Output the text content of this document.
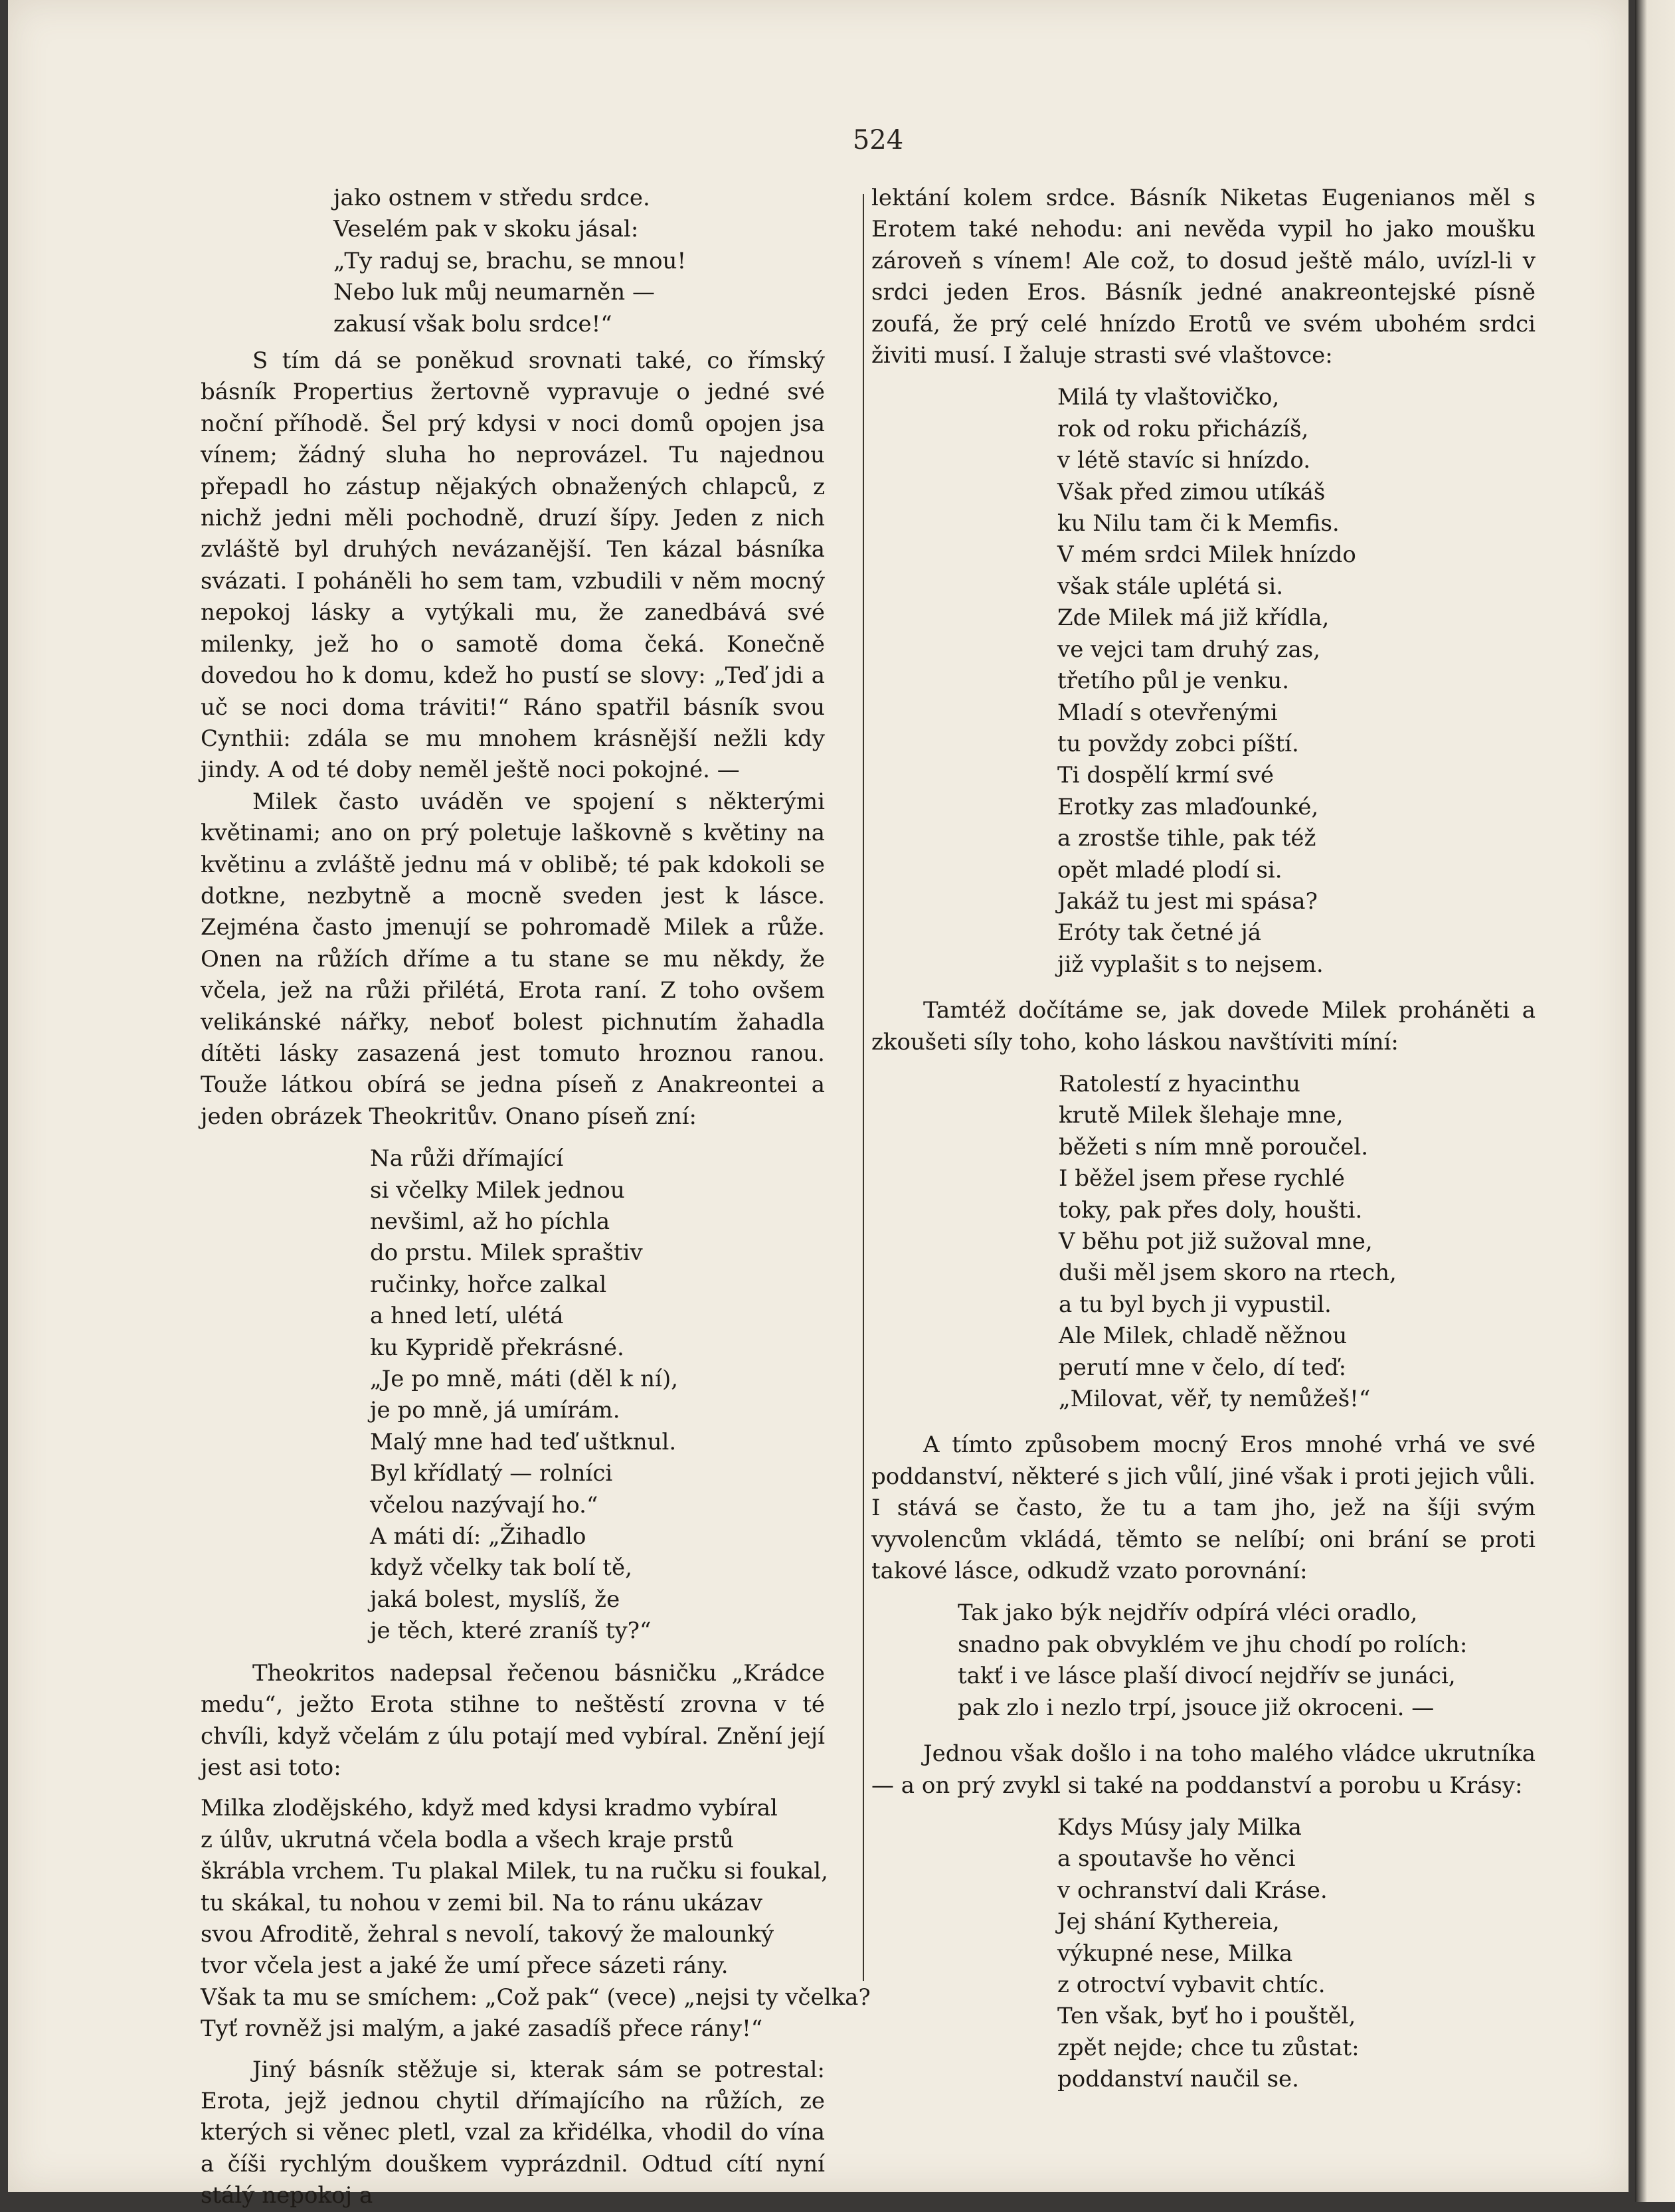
524
jako ostnem v středu srdce.
Veselém pak v skoku jásal:
„Ty raduj se, brachu, se mnou!
Nebo luk můj neumarněn —
zakusí však bolu srdce!“

S tím dá se poněkud srovnati také, co římský básník Propertius žertovně vypravuje o jedné své noční příhodě. Šel prý kdysi v noci domů opojen jsa vínem; žádný sluha ho neprovázel. Tu najednou přepadl ho zástup nějakých obnažených chlapců, z nichž jedni měli pochodně, druzí šípy. Jeden z nich zvláště byl druhých nevázanější. Ten kázal básníka svázati. I poháněli ho sem tam, vzbudili v něm mocný nepokoj lásky a vytýkali mu, že zanedbává své milenky, jež ho o samotě doma čeká. Konečně dovedou ho k domu, kdež ho pustí se slovy: „Teď jdi a uč se noci doma tráviti!“ Ráno spatřil básník svou Cynthii: zdála se mu mnohem krásnější nežli kdy jindy. A od té doby neměl ještě noci pokojné. —

Milek často uváděn ve spojení s některými květinami; ano on prý poletuje laškovně s květiny na květinu a zvláště jednu má v oblibě; té pak kdokoli se dotkne, nezbytně a mocně sveden jest k lásce. Zejména často jmenují se pohromadě Milek a růže. Onen na růžích dříme a tu stane se mu někdy, že včela, jež na růži přilétá, Erota raní. Z toho ovšem velikánské nářky, neboť bolest pichnutím žahadla dítěti lásky zasazená jest tomuto hroznou ranou. Touže látkou obírá se jedna píseň z Anakreontei a jeden obrázek Theokritův. Onano píseň zní:

Na růži dřímající
si včelky Milek jednou
nevšiml, až ho píchla
do prstu. Milek spraštiv
ručinky, hořce zalkal
a hned letí, ulétá
ku Kypridě překrásné.
„Je po mně, máti (děl k ní),
je po mně, já umírám.
Malý mne had teď uštknul.
Byl křídlatý — rolníci
včelou nazývají ho.“
A máti dí: „Žihadlo
když včelky tak bolí tě,
jaká bolest, myslíš, že
je těch, které zraníš ty?“

Theokritos nadepsal řečenou básničku „Krádce medu“, ježto Erota stihne to neštěstí zrovna v té chvíli, když včelám z úlu potají med vybíral. Znění její jest asi toto:

Milka zlodějského, když med kdysi kradmo vybíral
z úlův, ukrutná včela bodla a všech kraje prstů
škrábla vrchem. Tu plakal Milek, tu na ručku si foukal,
tu skákal, tu nohou v zemi bil. Na to ránu ukázav
svou Afroditě, žehral s nevolí, takový že malounký
tvor včela jest a jaké že umí přece sázeti rány.
Však ta mu se smíchem: „Což pak“ (vece) „nejsi ty včelka?
Tyť rovněž jsi malým, a jaké zasadíš přece rány!“

Jiný básník stěžuje si, kterak sám se potrestal: Erota, jejž jednou chytil dřímajícího na růžích, ze kterých si věnec pletl, vzal za křidélka, vhodil do vína a číši rychlým douškem vyprázdnil. Odtud cítí nyní stálý nepokoj a

lektání kolem srdce. Básník Niketas Eugenianos měl s Erotem také nehodu: ani nevěda vypil ho jako moušku zároveň s vínem! Ale což, to dosud ještě málo, uvízl-li v srdci jeden Eros. Básník jedné anakreontejské písně zoufá, že prý celé hnízdo Erotů ve svém ubohém srdci živiti musí. I žaluje strasti své vlaštovce:

Milá ty vlaštovičko,
rok od roku přicházíš,
v létě stavíc si hnízdo.
Však před zimou utíkáš
ku Nilu tam či k Memfis.
V mém srdci Milek hnízdo
však stále uplétá si.
Zde Milek má již křídla,
ve vejci tam druhý zas,
třetího půl je venku.
Mladí s otevřenými
tu povždy zobci píští.
Ti dospělí krmí své
Erotky zas mlaďounké,
a zrostše tihle, pak též
opět mladé plodí si.
Jakáž tu jest mi spása?
Eróty tak četné já
již vyplašit s to nejsem.

Tamtéž dočítáme se, jak dovede Milek proháněti a zkoušeti síly toho, koho láskou navštíviti míní:

Ratolestí z hyacinthu
krutě Milek šlehaje mne,
běžeti s ním mně poroučel.
I běžel jsem přese rychlé
toky, pak přes doly, houšti.
V běhu pot již sužoval mne,
duši měl jsem skoro na rtech,
a tu byl bych ji vypustil.
Ale Milek, chladě něžnou
perutí mne v čelo, dí teď:
„Milovat, věř, ty nemůžeš!“

A tímto způsobem mocný Eros mnohé vrhá ve své poddanství, některé s jich vůlí, jiné však i proti jejich vůli. I stává se často, že tu a tam jho, jež na šíji svým vyvolencům vkládá, těmto se nelíbí; oni brání se proti takové lásce, odkudž vzato porovnání:

Tak jako býk nejdřív odpírá vléci oradlo,
snadno pak obvyklém ve jhu chodí po rolích:
takť i ve lásce plaší divocí nejdřív se junáci,
pak zlo i nezlo trpí, jsouce již okroceni. —

Jednou však došlo i na toho malého vládce ukrutníka — a on prý zvykl si také na poddanství a porobu u Krásy:

Kdys Músy jaly Milka
a spoutavše ho věnci
v ochranství dali Kráse.
Jej shání Kythereia,
výkupné nese, Milka
z otroctví vybavit chtíc.
Ten však, byť ho i pouštěl,
zpět nejde; chce tu zůstat:
poddanství naučil se.
